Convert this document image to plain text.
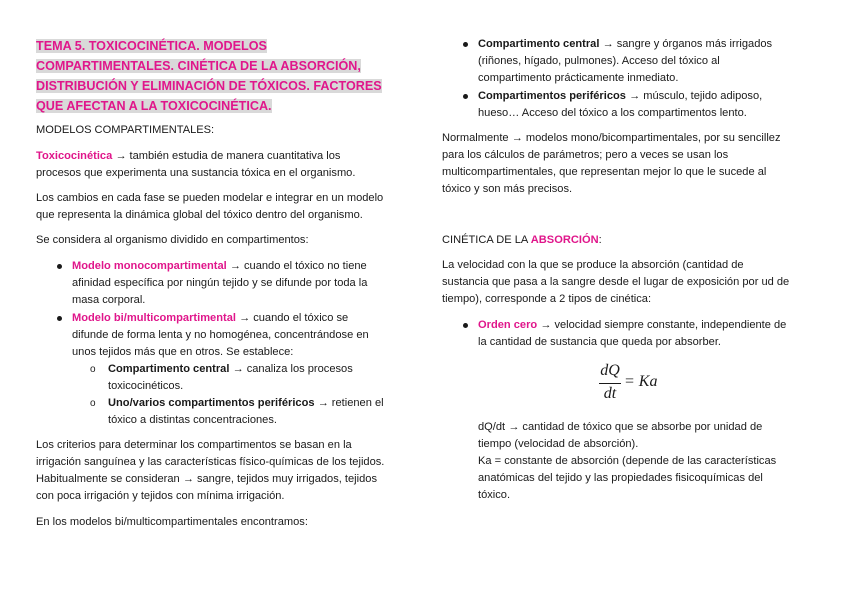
TEMA 5. TOXICOCINÉTICA. MODELOS
COMPARTIMENTALES. CINÉTICA DE LA ABSORCIÓN,
DISTRIBUCIÓN Y ELIMINACIÓN DE TÓXICOS. FACTORES
QUE AFECTAN A LA TOXICOCINÉTICA.

MODELOS COMPARTIMENTALES:

Toxicocinética → también estudia de manera cuantitativa los
procesos que experimenta una sustancia tóxica en el organismo.

Los cambios en cada fase se pueden modelar e integrar en un modelo
que representa la dinámica global del tóxico dentro del organismo.

Se considera al organismo dividido en compartimentos:

Modelo monocompartimental → cuando el tóxico no tiene
afinidad específica por ningún tejido y se difunde por toda la
masa corporal.

Modelo bi/multicompartimental → cuando el tóxico se
difunde de forma lenta y no homogénea, concentrándose en
unos tejidos más que en otros. Se establece:

o Compartimento central → canaliza los procesos
toxicocinéticos.

o Uno/varios compartimentos periféricos → retienen el
tóxico a distintas concentraciones.

Los criterios para determinar los compartimentos se basan en la
irrigación sanguínea y las características físico-químicas de los tejidos.
Habitualmente se consideran → sangre, tejidos muy irrigados, tejidos
con poca irrigación y tejidos con mínima irrigación.

En los modelos bi/multicompartimentales encontramos:

Compartimento central → sangre y órganos más irrigados
(riñones, hígado, pulmones). Acceso del tóxico al
compartimento prácticamente inmediato.

Compartimentos periféricos → músculo, tejido adiposo,
hueso… Acceso del tóxico a los compartimentos lento.

Normalmente → modelos mono/bicompartimentales, por su sencillez
para los cálculos de parámetros; pero a veces se usan los
multicompartimentales, que representan mejor lo que le sucede al
tóxico y son más precisos.

CINÉTICA DE LA ABSORCIÓN:

La velocidad con la que se produce la absorción (cantidad de
sustancia que pasa a la sangre desde el lugar de exposición por ud de
tiempo), corresponde a 2 tipos de cinética:

Orden cero → velocidad siempre constante, independiente de
la cantidad de sustancia que queda por absorber.

dQ/dt → cantidad de tóxico que se absorbe por unidad de
tiempo (velocidad de absorción).
Ka = constante de absorción (depende de las características
anatómicas del tejido y las propiedades fisicoquímicas del
tóxico.

dQ
dt
= Ka
